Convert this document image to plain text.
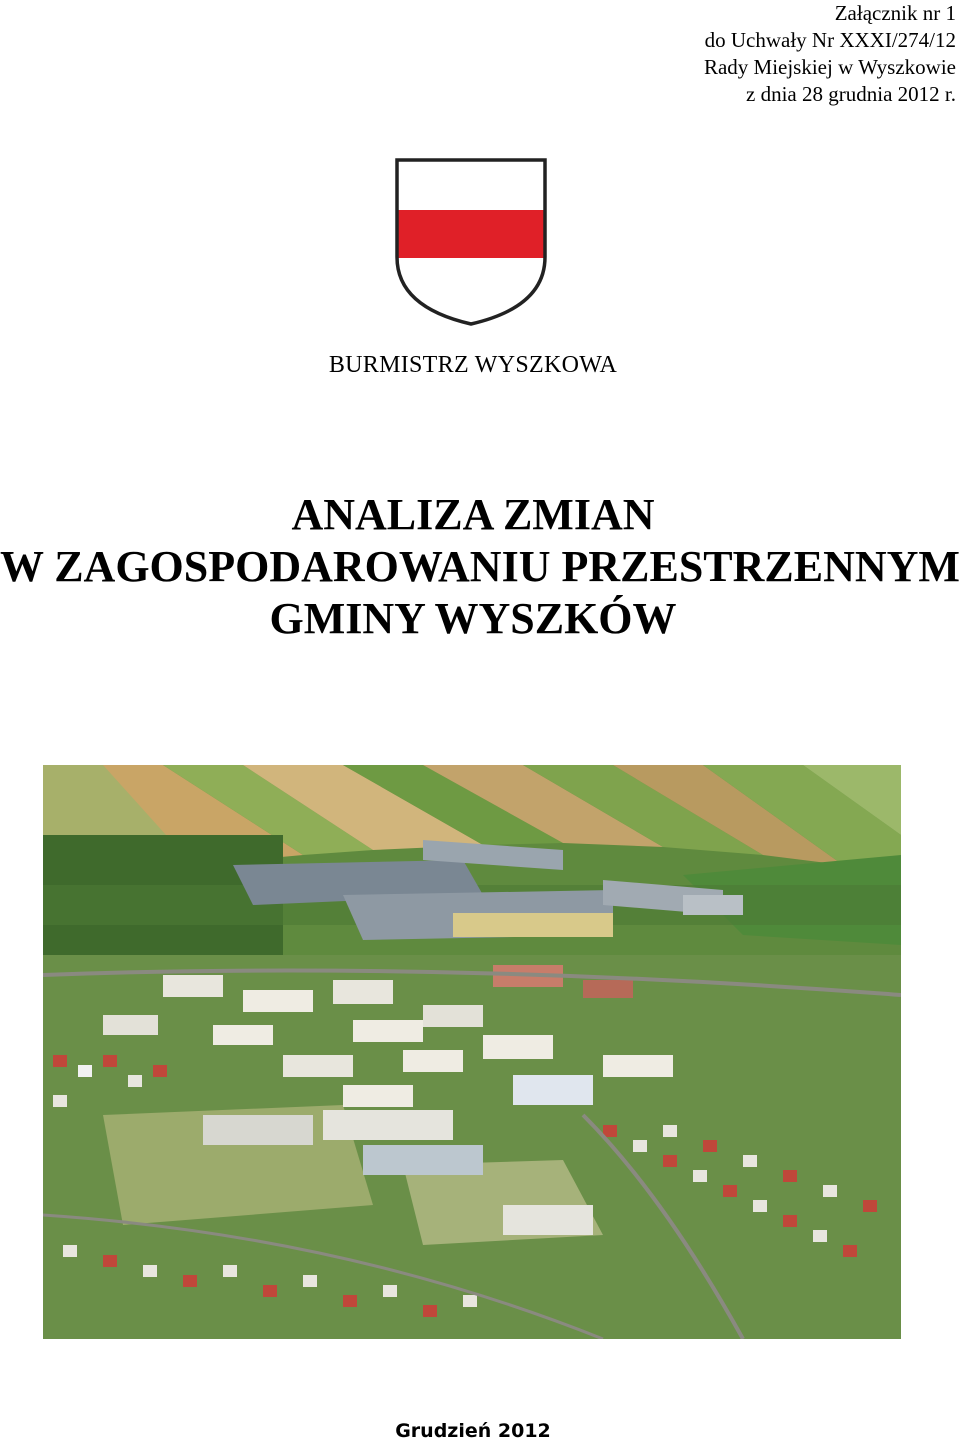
Załącznik nr 1
do Uchwały Nr XXXI/274/12
Rady Miejskiej w Wyszkowie
z dnia 28 grudnia 2012 r.
BURMISTRZ WYSZKOWA
ANALIZA ZMIAN
W ZAGOSPODAROWANIU PRZESTRZENNYM
GMINY WYSZKÓW
Grudzień 2012
